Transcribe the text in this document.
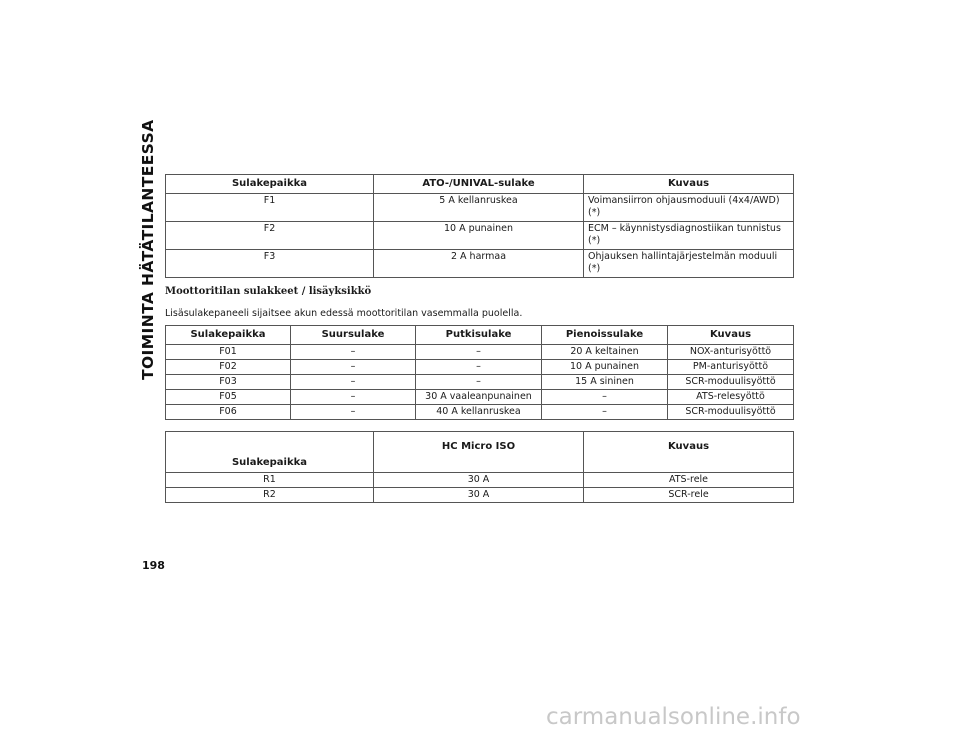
TOIMINTA HÄTÄTILANTEESSA	Sulakepaikka	ATO-/UNIVAL-sulake	Kuvaus
F1	5 A kellanruskea	Voimansiirron ohjausmoduuli (4x4/AWD)
(*)
F2	10 A punainen	ECM – käynnistysdiagnostiikan tunnistus
(*)
F3	2 A harmaa	Ohjauksen hallintajärjestelmän moduuli
(*)
Moottoritilan sulakkeet / lisäyksikkö
Lisäsulakepaneeli sijaitsee akun edessä moottoritilan vasemmalla puolella.
Sulakepaikka	Suursulake	Putkisulake	Pienoissulake	Kuvaus
F01	–	–	20 A keltainen	NOX-anturisyöttö
F02	–	–	10 A punainen	PM-anturisyöttö
F03	–	–	15 A sininen	SCR-moduulisyöttö
F05	–	30 A vaaleanpunainen	–	ATS-relesyöttö
F06	–	40 A kellanruskea	–	SCR-moduulisyöttö
Sulakepaikka	HC Micro ISO	Kuvaus
R1	30 A	ATS-rele
R2	30 A	SCR-rele
198
carmanualsonline.info
